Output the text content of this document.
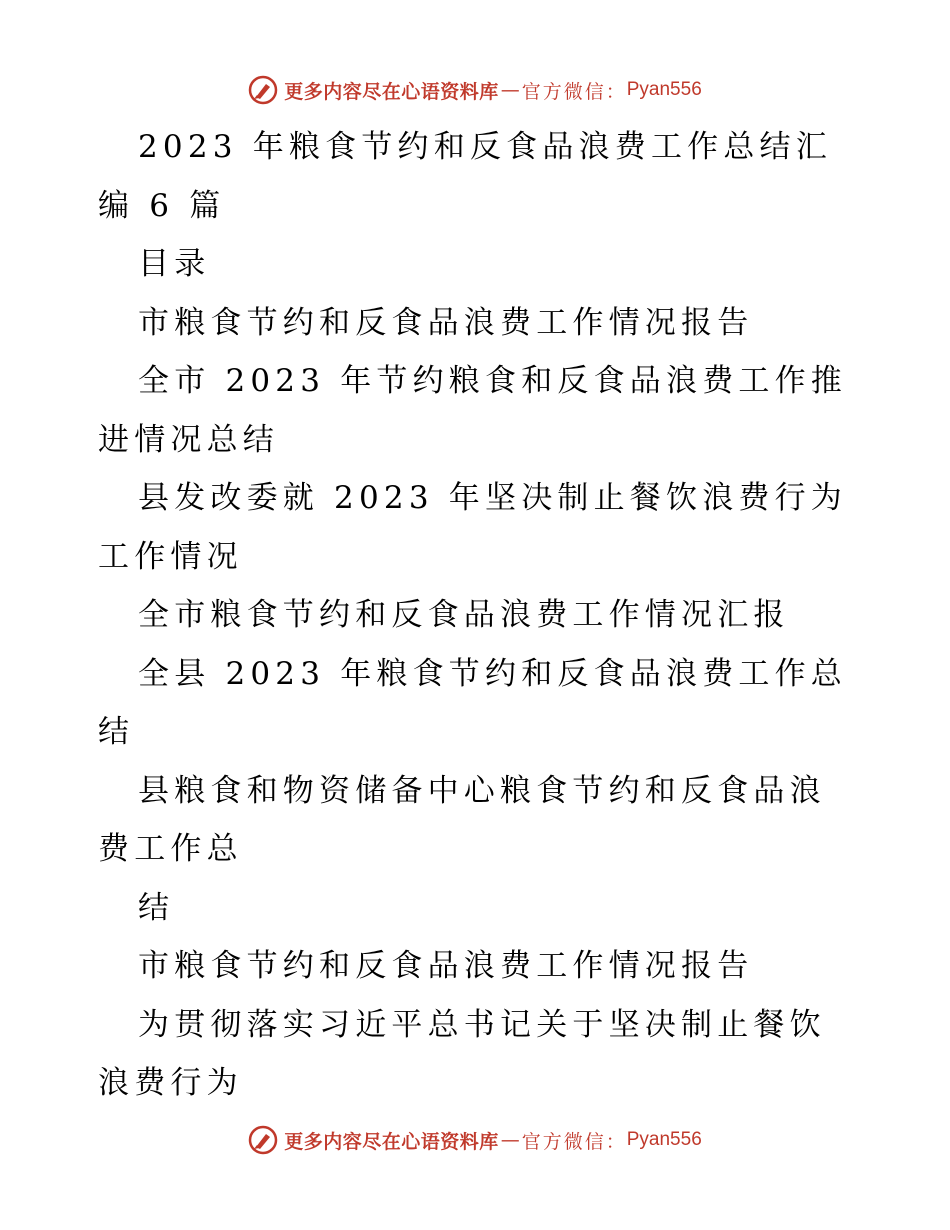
更多内容尽在心语资料库 — 官方微信： Pyan556

2023 年粮食节约和反食品浪费工作总结汇编 6 篇

目录

市粮食节约和反食品浪费工作情况报告

全市 2023 年节约粮食和反食品浪费工作推进情况总结

县发改委就 2023 年坚决制止餐饮浪费行为工作情况

全市粮食节约和反食品浪费工作情况汇报

全县 2023 年粮食节约和反食品浪费工作总结

县粮食和物资储备中心粮食节约和反食品浪费工作总

结

市粮食节约和反食品浪费工作情况报告

为贯彻落实习近平总书记关于坚决制止餐饮浪费行为

更多内容尽在心语资料库 — 官方微信： Pyan556
